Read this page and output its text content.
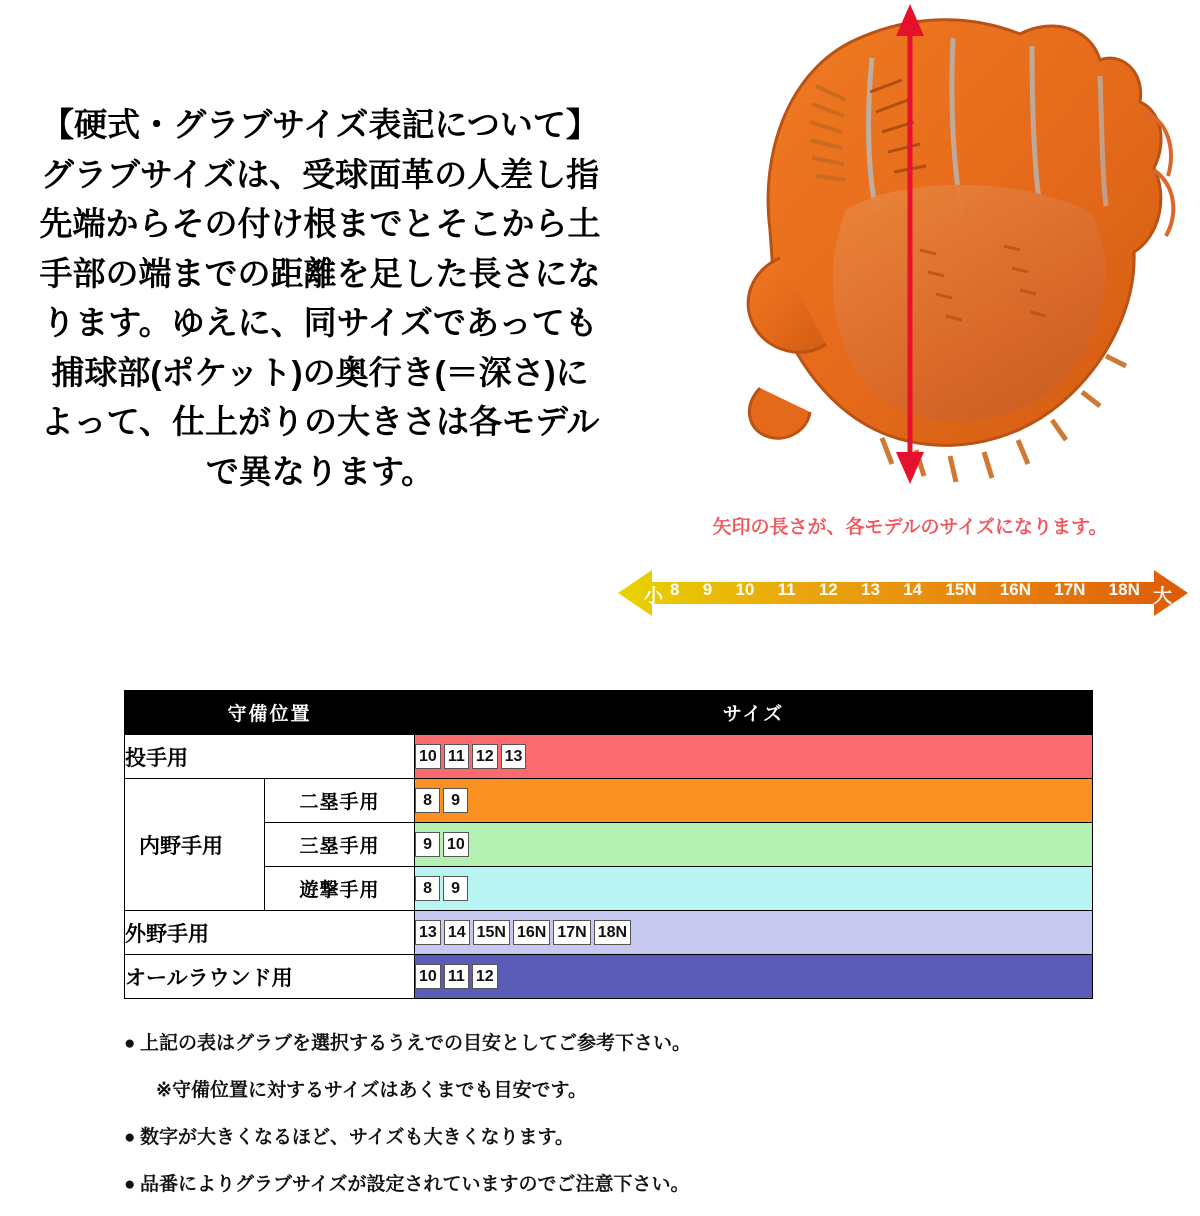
【硬式・グラブサイズ表記について】
グラブサイズは、受球面革の人差し指
先端からその付け根までとそこから土
手部の端までの距離を足した長さにな
ります。ゆえに、同サイズであっても
捕球部(ポケット)の奥行き(＝深さ)に
よって、仕上がりの大きさは各モデル
で異なります。
矢印の長さが、各モデルのサイズになります。
小 8 9 10 11 12 13 14 15N 16N 17N 18N 大
守備位置		サイズ
投手用		10 11 12 13

内野手用	二塁手用	8 9

	三塁手用	9 10

	遊撃手用	8 9

外野手用	13 14 15N 16N 17N 18N

オールラウンド用		10 11 12
● 上記の表はグラブを選択するうえでの目安としてご参考下さい。
※守備位置に対するサイズはあくまでも目安です。
● 数字が大きくなるほど、サイズも大きくなります。
● 品番によりグラブサイズが設定されていますのでご注意下さい。
